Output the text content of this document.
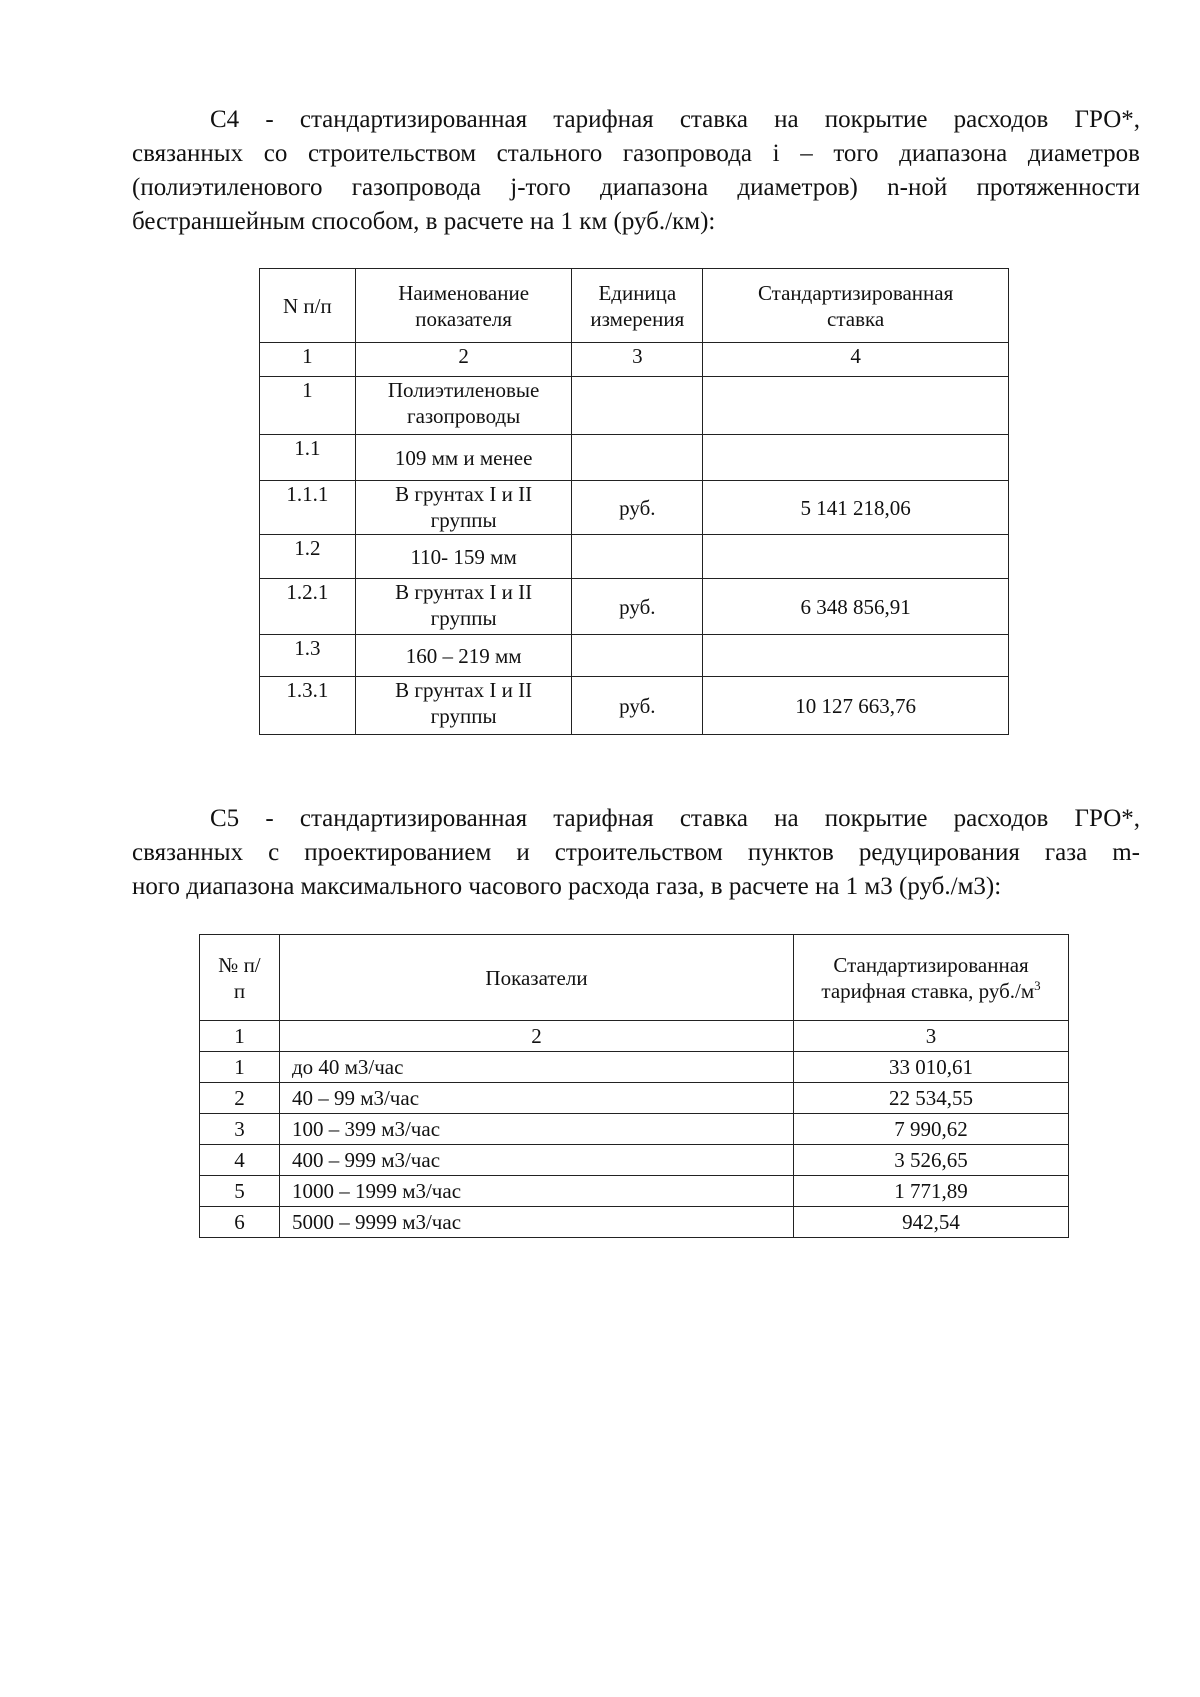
С4 - стандартизированная тарифная ставка на покрытие расходов ГРО*,
связанных со строительством стального газопровода i – того диапазона диаметров
(полиэтиленового газопровода j-того диапазона диаметров) n-ной протяженности
бестраншейным способом, в расчете на 1 км (руб./км):

N п/п	Наименование показателя	Единица измерения	Стандартизированная ставка
1	2	3	4
1	Полиэтиленовые газопроводы		
1.1	109 мм и менее		
1.1.1	В грунтах I и II группы	руб.	5 141 218,06
1.2	110- 159 мм		
1.2.1	В грунтах I и II группы	руб.	6 348 856,91
1.3	160 – 219 мм		
1.3.1	В грунтах I и II группы	руб.	10 127 663,76

С5 - стандартизированная тарифная ставка на покрытие расходов ГРО*,
связанных с проектированием и строительством пунктов редуцирования газа m-
ного диапазона максимального часового расхода газа, в расчете на 1 м3 (руб./м3):

№ п/п	Показатели	Стандартизированная тарифная ставка, $руб./м^3$
1	2	3
1	до 40 м3/час	33 010,61
2	40 – 99 м3/час	22 534,55
3	100 – 399 м3/час	7 990,62
4	400 – 999 м3/час	3 526,65
5	1000 – 1999 м3/час	1 771,89
6	5000 – 9999 м3/час	942,54
